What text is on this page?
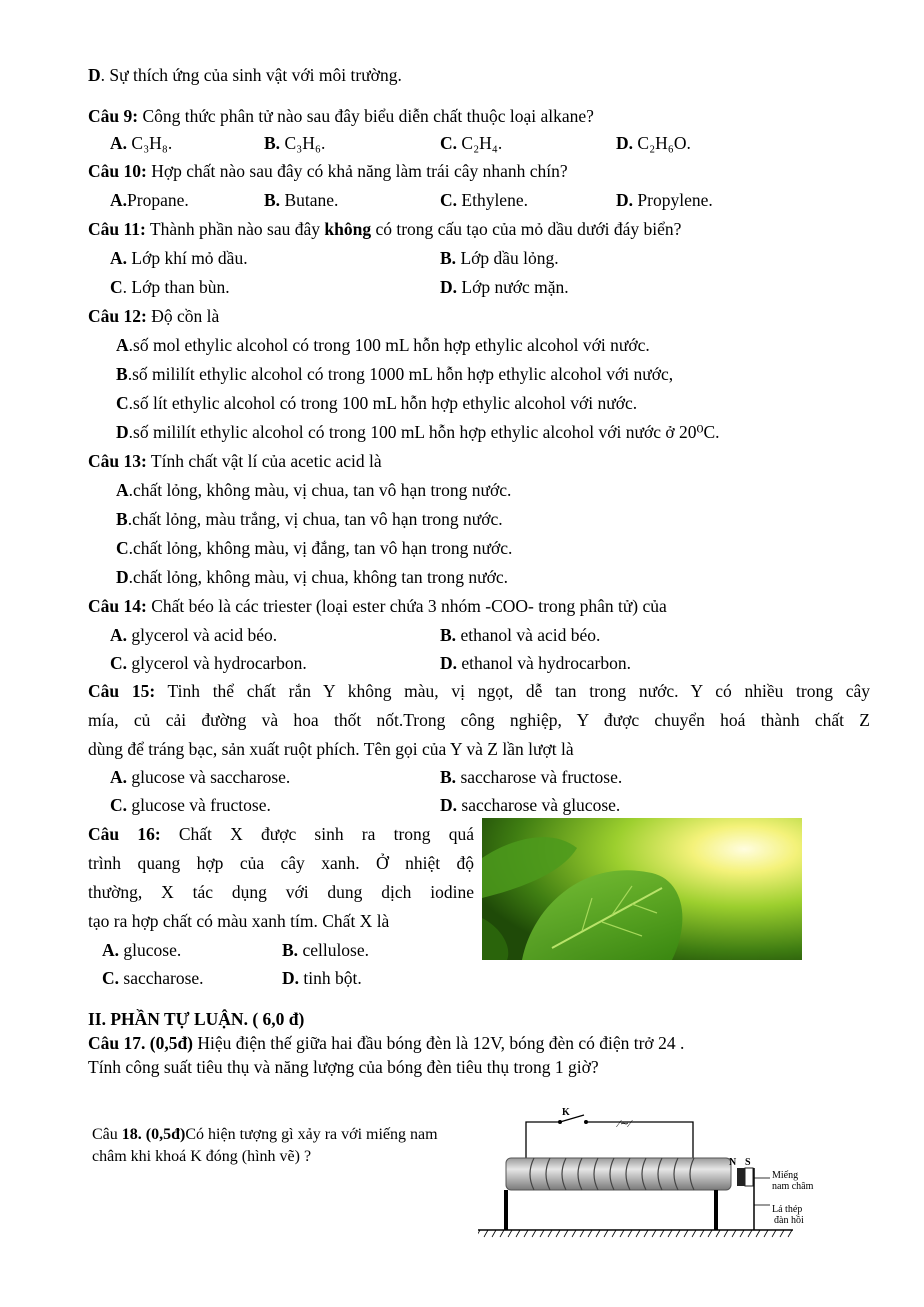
D. Sự thích ứng của sinh vật với môi trường.
Câu 9: Công thức phân tử nào sau đây biểu diễn chất thuộc loại alkane?
A. C₃H₈.	B. C₃H₆.	C. C₂H₄.	D. C₂H₆O.
Câu 10: Hợp chất nào sau đây có khả năng làm trái cây nhanh chín?
A.Propane.	B. Butane.	C. Ethylene.	D. Propylene.
Câu 11: Thành phần nào sau đây không có trong cấu tạo của mỏ dầu dưới đáy biển?
A. Lớp khí mỏ dầu.	B. Lớp dầu lỏng.
C. Lớp than bùn.	D. Lớp nước mặn.
Câu 12: Độ cồn là
A.số mol ethylic alcohol có trong 100 mL hỗn hợp ethylic alcohol với nước.
B.số mililít ethylic alcohol có trong 1000 mL hỗn hợp ethylic alcohol với nước,
C.số lít ethylic alcohol có trong 100 mL hỗn hợp ethylic alcohol với nước.
D.số mililít ethylic alcohol có trong 100 mL hỗn hợp ethylic alcohol với nước ở 20⁰C.
Câu 13: Tính chất vật lí của acetic acid là
A.chất lỏng, không màu, vị chua, tan vô hạn trong nước.
B.chất lỏng, màu trắng, vị chua, tan vô hạn trong nước.
C.chất lỏng, không màu, vị đắng, tan vô hạn trong nước.
D.chất lỏng, không màu, vị chua, không tan trong nước.
Câu 14: Chất béo là các triester (loại ester chứa 3 nhóm -COO- trong phân tử) của
A. glycerol và acid béo.	B. ethanol và acid béo.
C. glycerol và hydrocarbon.	D. ethanol và hydrocarbon.
Câu 15: Tinh thể chất rắn Y không màu, vị ngọt, dễ tan trong nước. Y có nhiều trong cây
mía, củ cải đường và hoa thốt nốt.Trong công nghiệp, Y được chuyển hoá thành chất Z
dùng để tráng bạc, sản xuất ruột phích. Tên gọi của Y và Z lần lượt là
A. glucose và saccharose.	B. saccharose và fructose.
C. glucose và fructose.	D. saccharose và glucose.
Câu 16: Chất X được sinh ra trong quá
trình quang hợp của cây xanh. Ở nhiệt độ
thường, X tác dụng với dung dịch iodine
tạo ra hợp chất có màu xanh tím. Chất X là
A. glucose.	B. cellulose.
C. saccharose.	D. tinh bột.
II. PHẦN TỰ LUẬN. ( 6,0 đ)
Câu 17. (0,5đ) Hiệu điện thế giữa hai đầu bóng đèn là 12V, bóng đèn có điện trở 24 .
Tính công suất tiêu thụ và năng lượng của bóng đèn tiêu thụ trong 1 giờ?
Câu 18. (0,5đ)Có hiện tượng gì xảy ra với miếng nam châm khi khoá K đóng (hình vẽ) ?
K
⁄∼⁄
N S
Miếng
nam châm
Lá thép
đàn hồi
